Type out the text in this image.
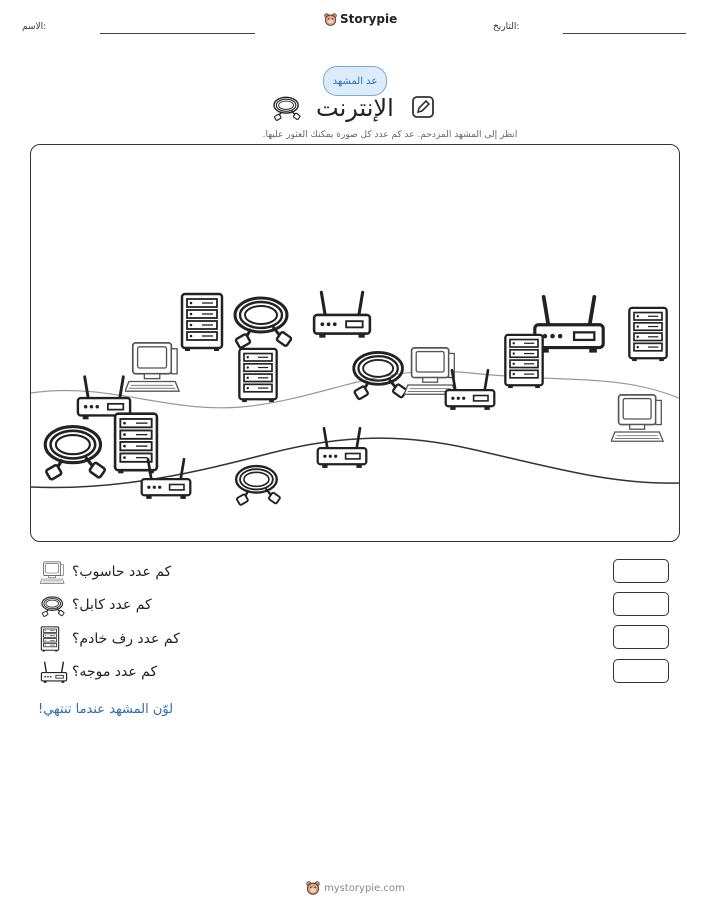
الاسم:
Storypie
التاريخ:
عد المشهد
الإنترنت
انظر إلى المشهد المزدحم. عد كم عدد كل صورة يمكنك العثور عليها.
كم عدد حاسوب؟
كم عدد كابل؟
كم عدد رف خادم؟
كم عدد موجه؟
لوّن المشهد عندما تنتهي!
mystorypie.com
